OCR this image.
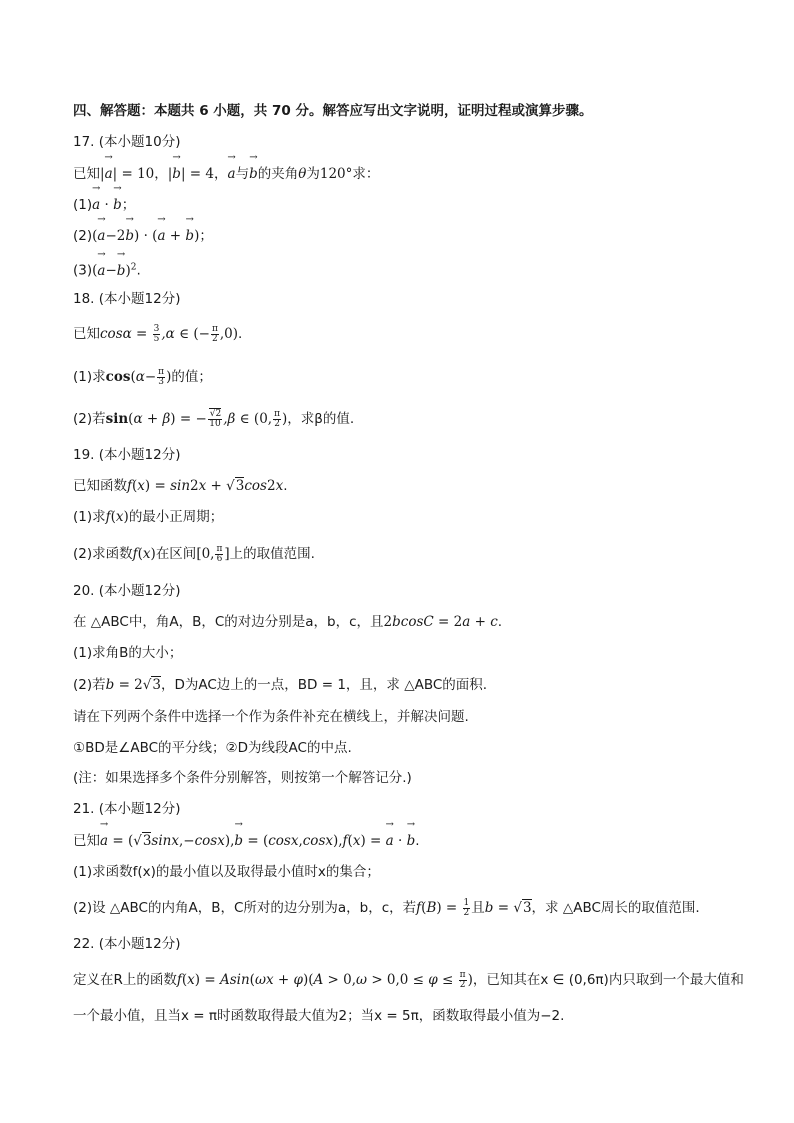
四、解答题：本题共 6 小题，共 70 分。解答应写出文字说明，证明过程或演算步骤。
17. (本小题10分)
已知|→ a| = 10，|→ b| = 4，→ a与→ b的夹角θ为120°求：
(1)→ a · → b；
(2)(→ a−2→ b) · (→ a + → b)；
$(3)(\to a-\to b)^2$.
18. (本小题12分)
已知$\cos\alpha = \frac{3}{5} ,\alpha$ ∈ (− $\frac{\pi}{2} ,0$).
(1)求$\cos(\alpha- \frac{\pi}{3}$ )的值；
(2)若sin(α + β) = − $\frac{√2}{10} ,\beta$ ∈ (0, $\frac{\pi}{2}$ )，求β的值.
19. (本小题12分)
已知函数f(x) = sin2x + √3cos2x.
(1)求f(x)的最小正周期；
(2)求函数f(x)在区间[0, $\frac{\pi}{6}$ ]上的取值范围.
20. (本小题12分)
在 △ABC中，角A，B，C的对边分别是a，b，c，且2bcosC = 2a + c.
(1)求角B的大小；
(2)若b = 2√3，D为AC边上的一点，BD = 1，且，求 △ABC的面积.
请在下列两个条件中选择一个作为条件补充在横线上，并解决问题.
①BD是∠ABC的平分线；②D为线段AC的中点.
(注：如果选择多个条件分别解答，则按第一个解答记分.)
21. (本小题12分)
已知→ a = (√3sinx,−cosx),→ b = (cosx,cosx),f(x) = → a · → b.
(1)求函数f(x)的最小值以及取得最小值时x的集合；
(2)设 △ABC的内角A，B，C所对的边分别为a，b，c，若$f(B) = \frac{1}{2}$ 且b = √3，求 △ABC周长的取值范围.
22. (本小题12分)
定义在R上的函数$f(x) = Asin(\omega x + \varphi)(A > 0,\omega > 0,0 \le \varphi \le \frac{\pi}{2}$ )，已知其在x ∈ (0,6π)内只取到一个最大值和
一个最小值，且当x = π时函数取得最大值为2；当x = 5π，函数取得最小值为−2.
